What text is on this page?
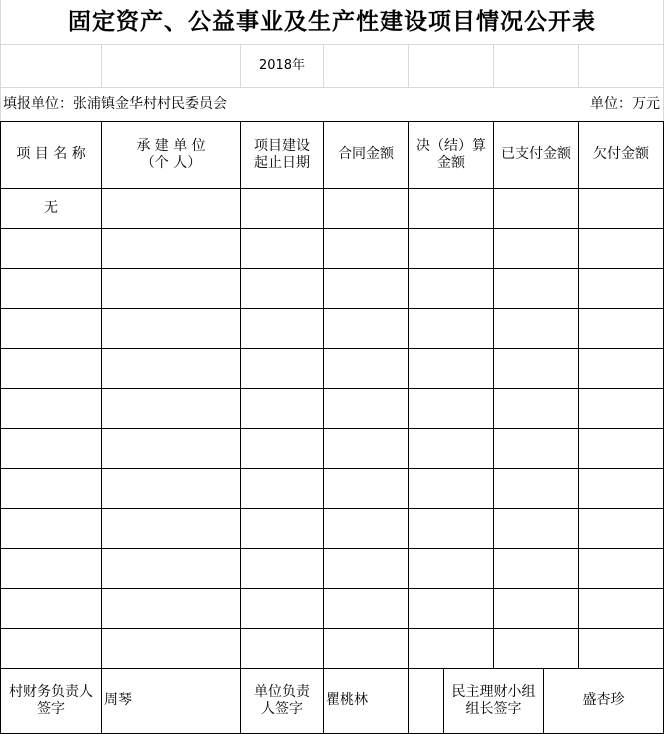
固定资产、公益事业及生产性建设项目情况公开表
2018年
填报单位：张浦镇金华村村民委员会	单位：万元
项 目 名 称
承 建 单 位
（个 人）
项目建设
起止日期
合同金额
决（结）算
金额
已支付金额	欠付金额
无
村财务负责人
签字
周琴
单位负责
人签字
瞿桃林
民主理财小组
组长签字
盛杏珍
